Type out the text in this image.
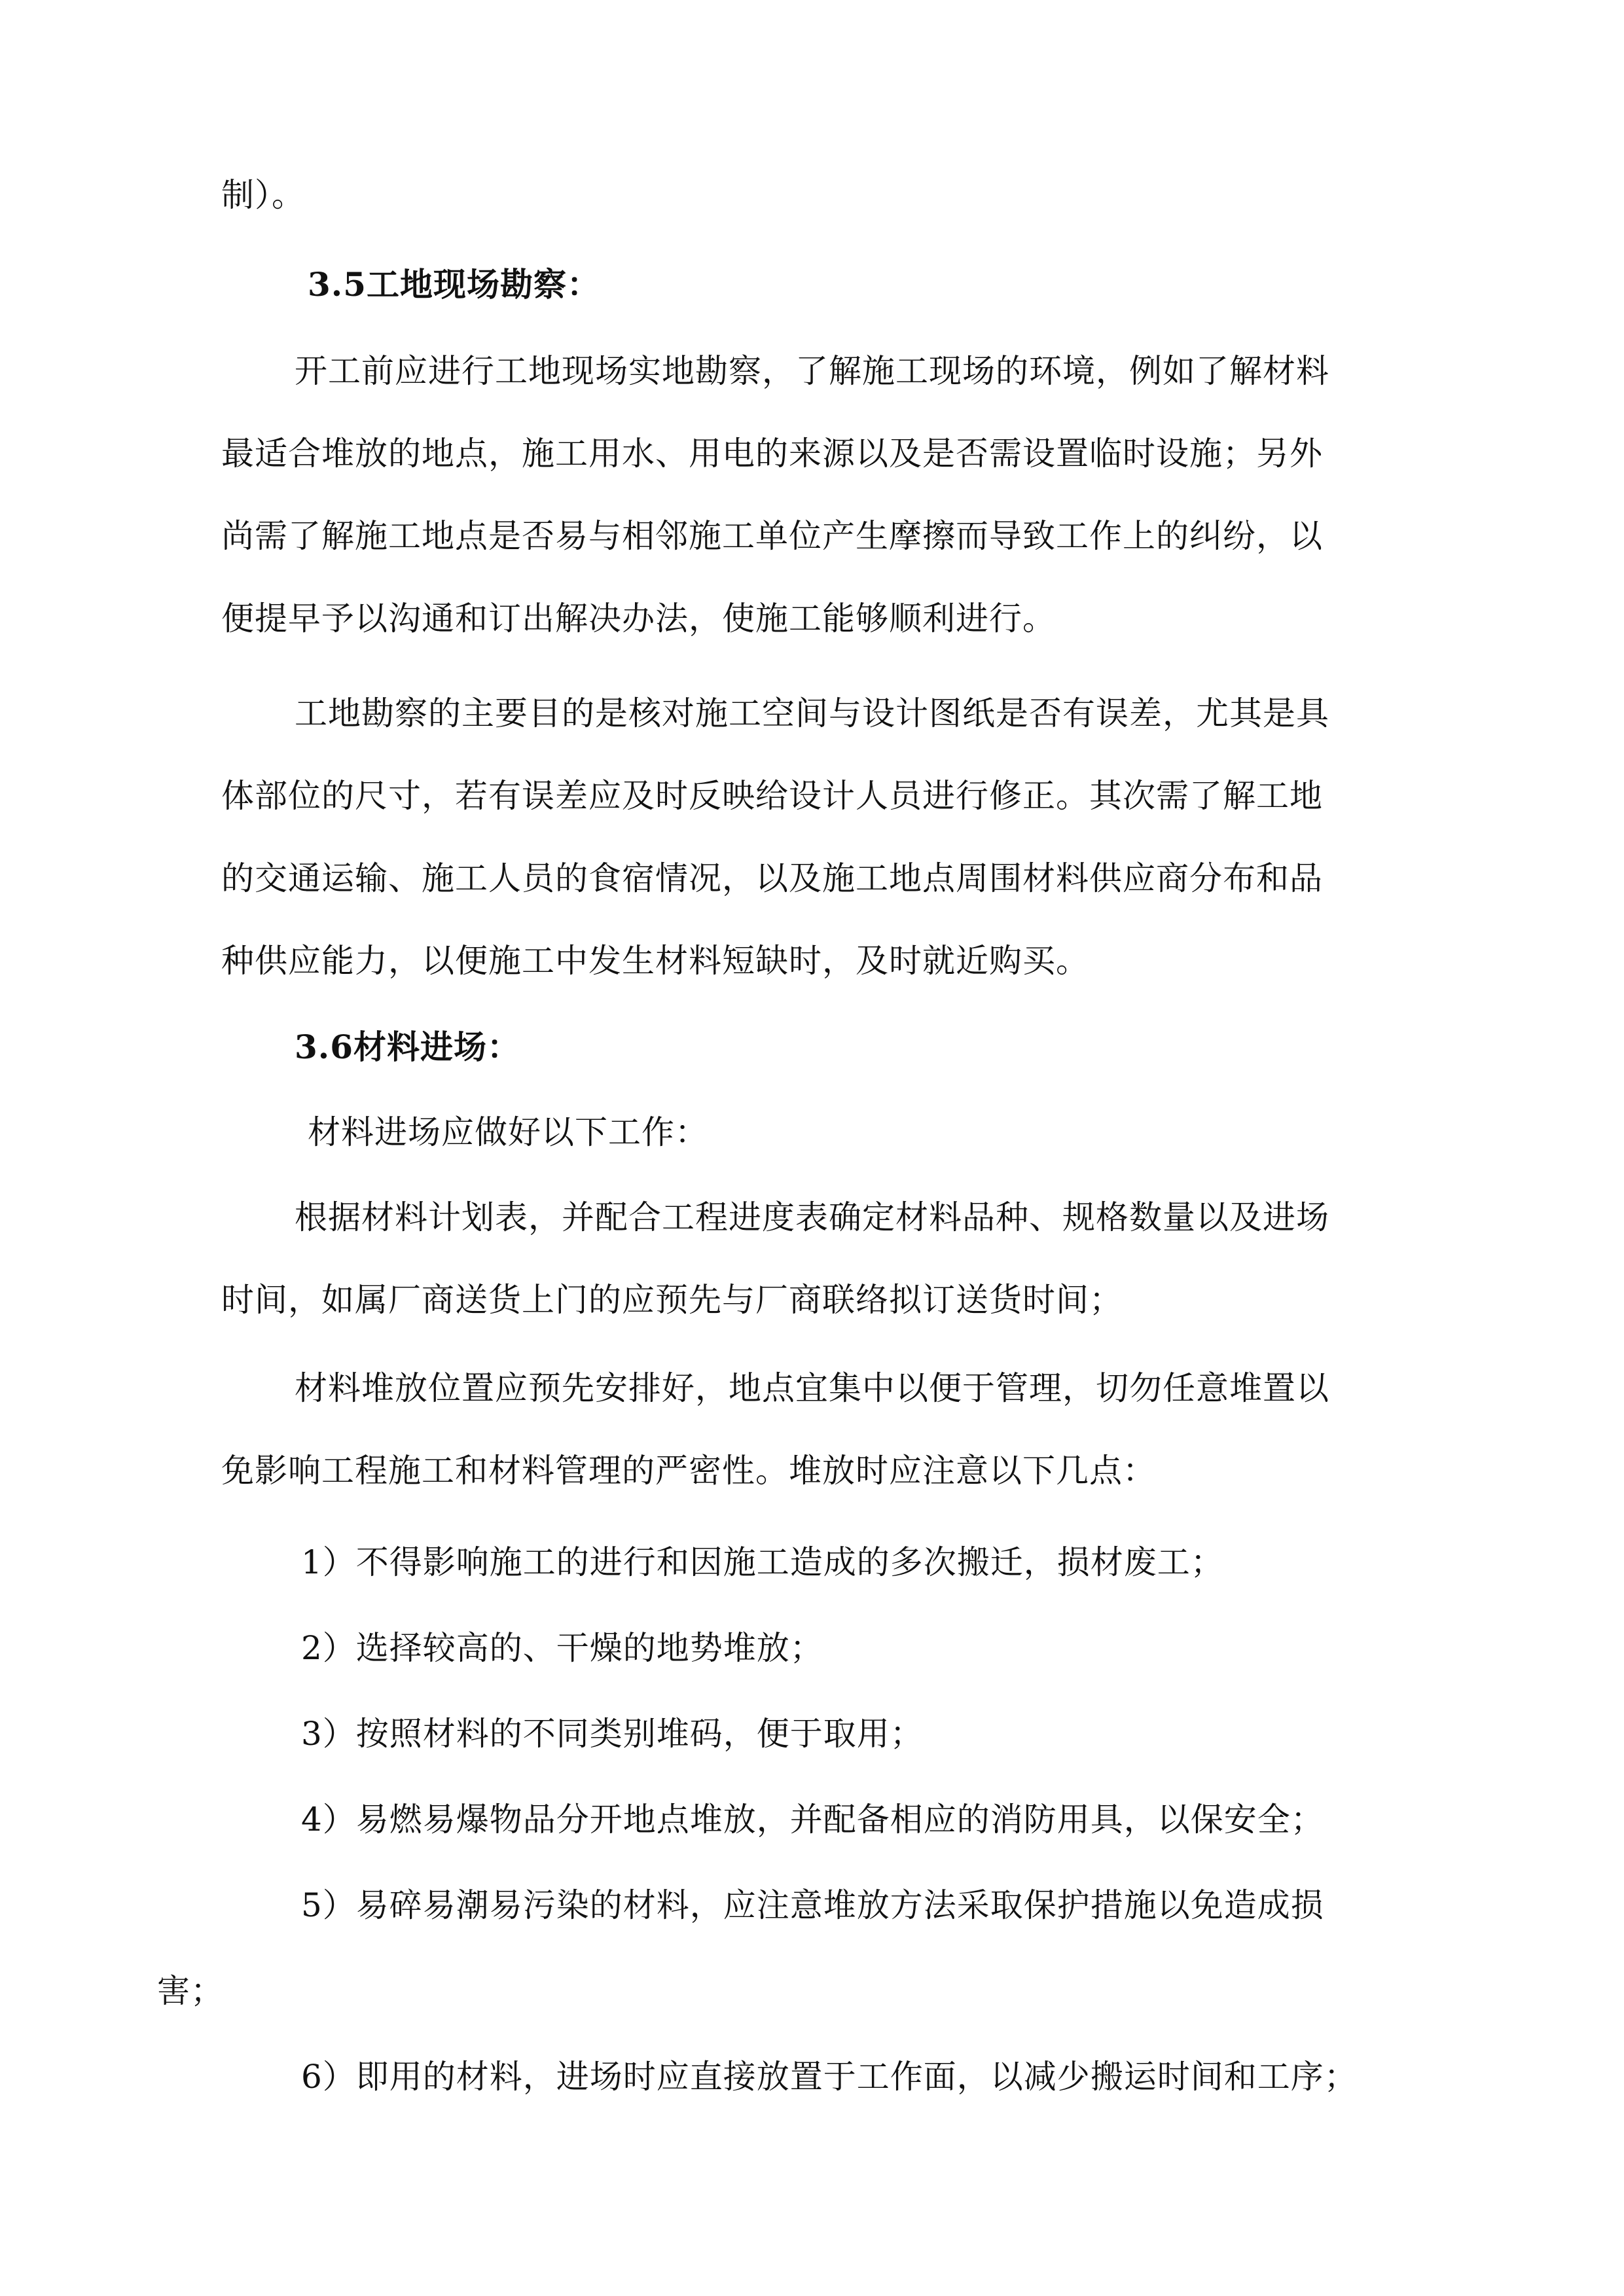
制）。

3.5工地现场勘察：

开工前应进行工地现场实地勘察，了解施工现场的环境，例如了解材料

最适合堆放的地点，施工用水、用电的来源以及是否需设置临时设施；另外

尚需了解施工地点是否易与相邻施工单位产生摩擦而导致工作上的纠纷，以

便提早予以沟通和订出解决办法，使施工能够顺利进行。

工地勘察的主要目的是核对施工空间与设计图纸是否有误差，尤其是具

体部位的尺寸，若有误差应及时反映给设计人员进行修正。其次需了解工地

的交通运输、施工人员的食宿情况，以及施工地点周围材料供应商分布和品

种供应能力，以便施工中发生材料短缺时，及时就近购买。

3.6材料进场：

材料进场应做好以下工作：

根据材料计划表，并配合工程进度表确定材料品种、规格数量以及进场

时间，如属厂商送货上门的应预先与厂商联络拟订送货时间；

材料堆放位置应预先安排好，地点宜集中以便于管理，切勿任意堆置以

免影响工程施工和材料管理的严密性。堆放时应注意以下几点：

1）不得影响施工的进行和因施工造成的多次搬迁，损材废工；

2）选择较高的、干燥的地势堆放；

3）按照材料的不同类别堆码，便于取用；

4）易燃易爆物品分开地点堆放，并配备相应的消防用具，以保安全；

5）易碎易潮易污染的材料，应注意堆放方法采取保护措施以免造成损

害；

6）即用的材料，进场时应直接放置于工作面，以减少搬运时间和工序；
